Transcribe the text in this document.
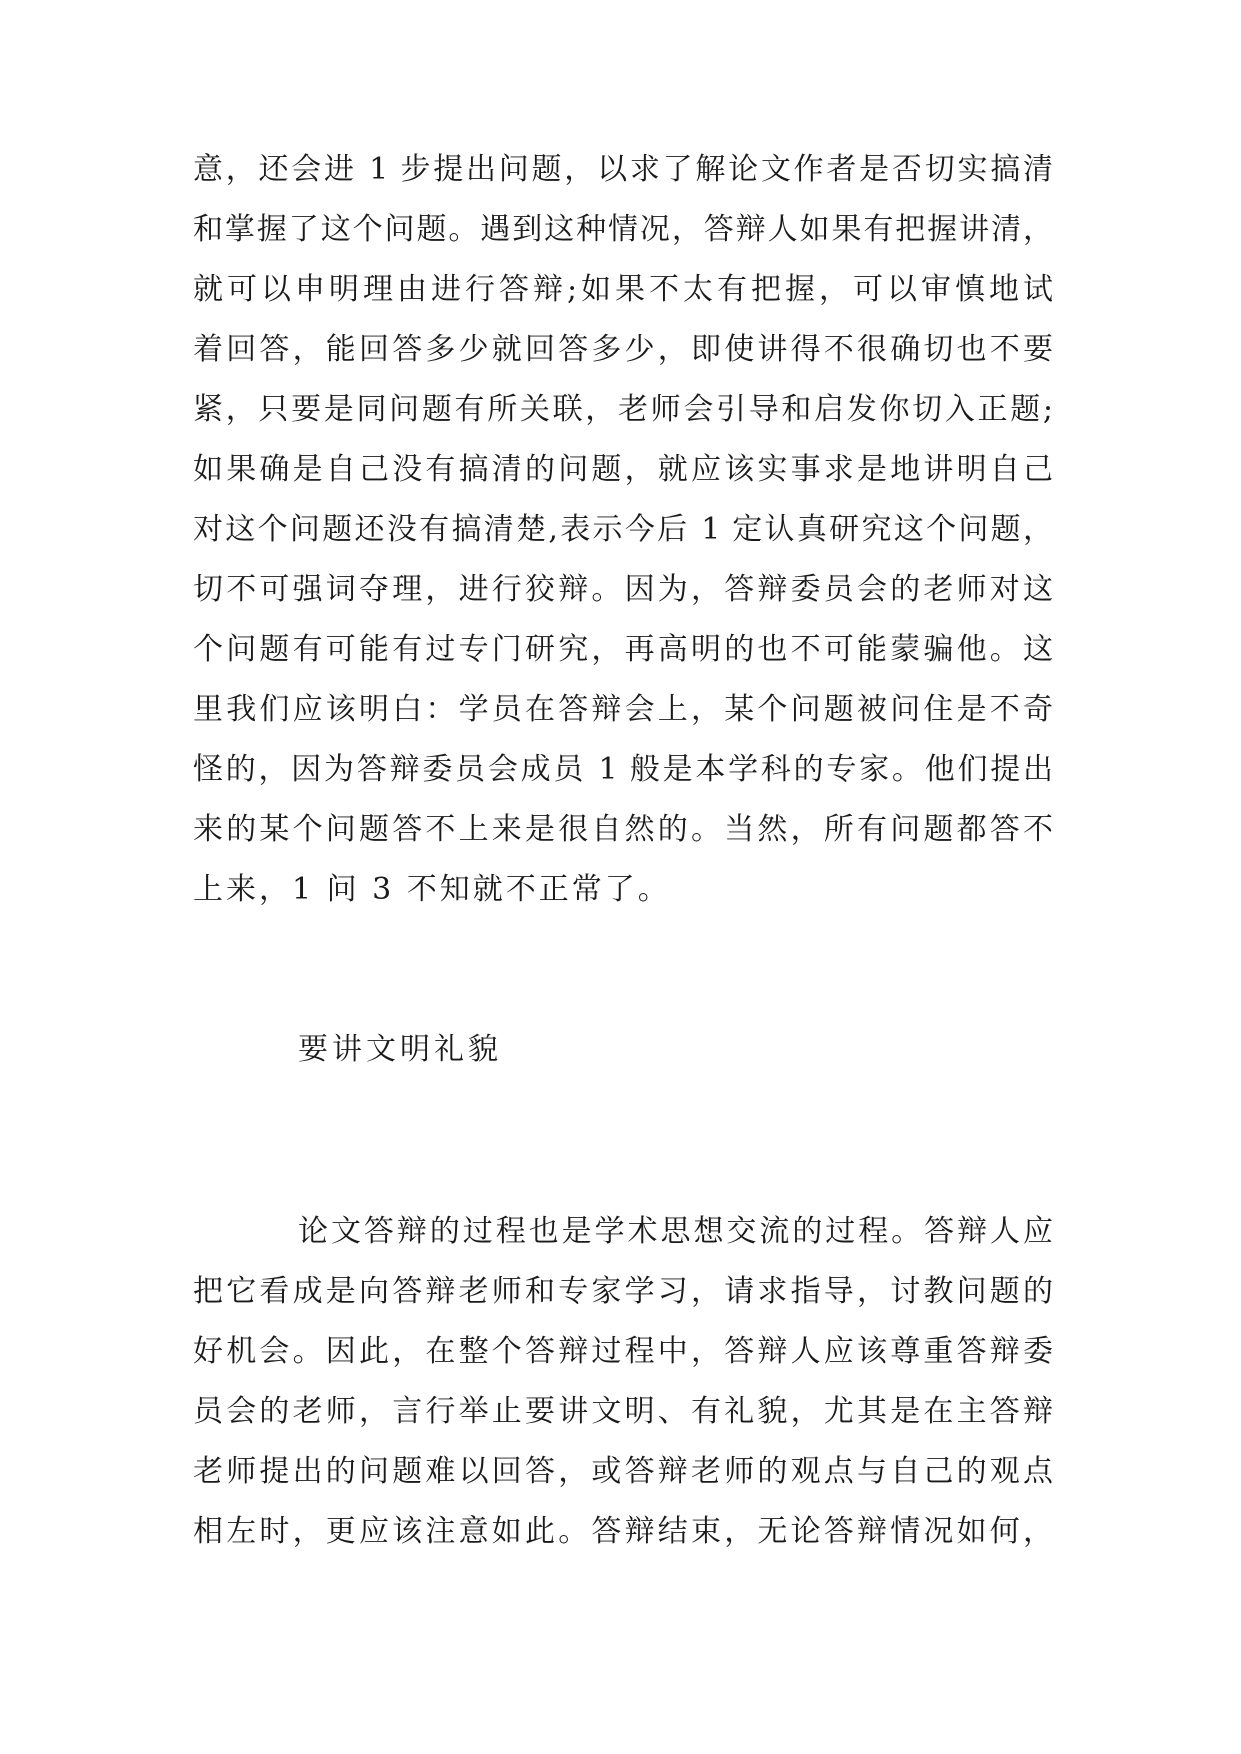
意，还会进 1 步提出问题，以求了解论文作者是否切实搞清
和掌握了这个问题。遇到这种情况，答辩人如果有把握讲清，
就可以申明理由进行答辩;如果不太有把握，可以审慎地试
着回答，能回答多少就回答多少，即使讲得不很确切也不要
紧，只要是同问题有所关联，老师会引导和启发你切入正题;
如果确是自己没有搞清的问题，就应该实事求是地讲明自己
对这个问题还没有搞清楚,表示今后 1 定认真研究这个问题，
切不可强词夺理，进行狡辩。因为，答辩委员会的老师对这
个问题有可能有过专门研究，再高明的也不可能蒙骗他。这
里我们应该明白：学员在答辩会上，某个问题被问住是不奇
怪的，因为答辩委员会成员 1 般是本学科的专家。他们提出
来的某个问题答不上来是很自然的。当然，所有问题都答不
上来，1 问 3 不知就不正常了。
要讲文明礼貌
论文答辩的过程也是学术思想交流的过程。答辩人应
把它看成是向答辩老师和专家学习，请求指导，讨教问题的
好机会。因此，在整个答辩过程中，答辩人应该尊重答辩委
员会的老师，言行举止要讲文明、有礼貌，尤其是在主答辩
老师提出的问题难以回答，或答辩老师的观点与自己的观点
相左时，更应该注意如此。答辩结束，无论答辩情况如何，
